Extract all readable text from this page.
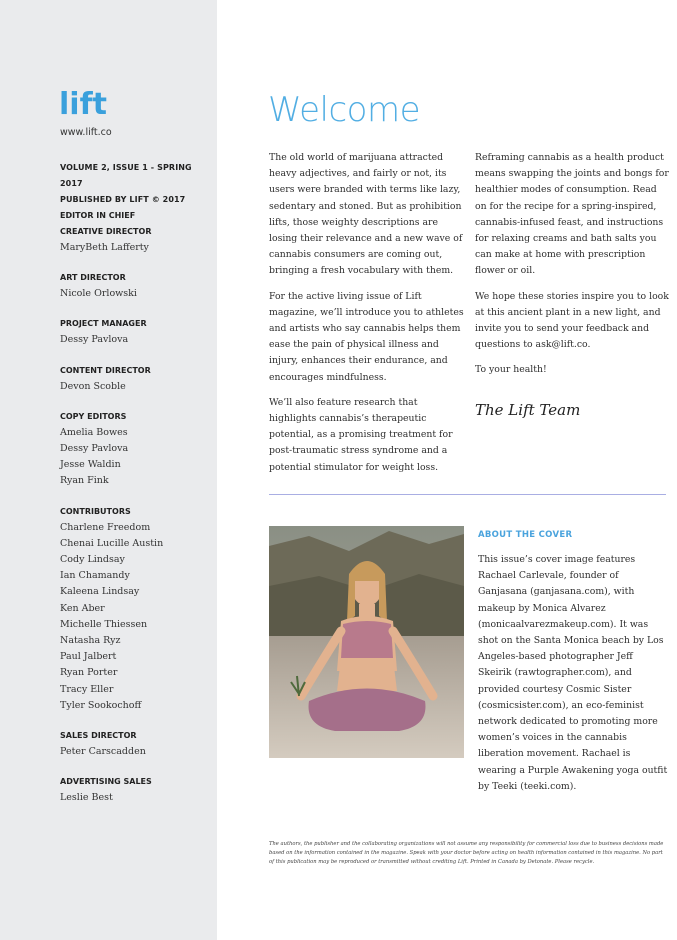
lift
www.lift.co
VOLUME 2, ISSUE 1 - SPRING 2017
PUBLISHED BY LIFT © 2017
EDITOR IN CHIEF
CREATIVE DIRECTOR
MaryBeth Lafferty
ART DIRECTOR
Nicole Orlowski
PROJECT MANAGER
Dessy Pavlova
CONTENT DIRECTOR
Devon Scoble
COPY EDITORS
Amelia Bowes
Dessy Pavlova
Jesse Waldin
Ryan Fink
CONTRIBUTORS
Charlene Freedom
Chenai Lucille Austin
Cody Lindsay
Ian Chamandy
Kaleena Lindsay
Ken Aber
Michelle Thiessen
Natasha Ryz
Paul Jalbert
Ryan Porter
Tracy Eller
Tyler Sookochoff
SALES DIRECTOR
Peter Carscadden
ADVERTISING SALES
Leslie Best
Welcome

The old world of marijuana attracted heavy adjectives, and fairly or not, its users were branded with terms like lazy, sedentary and stoned. But as prohibition lifts, those weighty descriptions are losing their relevance and a new wave of cannabis consumers are coming out, bringing a fresh vocabulary with them.

For the active living issue of Lift magazine, we’ll introduce you to athletes and artists who say cannabis helps them ease the pain of physical illness and injury, enhances their endurance, and encourages mindfulness.

We’ll also feature research that highlights cannabis’s therapeutic potential, as a promising treatment for post-traumatic stress syndrome and a potential stimulator for weight loss.

Reframing cannabis as a health product means swapping the joints and bongs for healthier modes of consumption. Read on for the recipe for a spring-inspired, cannabis-infused feast, and instructions for relaxing creams and bath salts you can make at home with prescription flower or oil.

We hope these stories inspire you to look at this ancient plant in a new light, and invite you to send your feedback and questions to ask@lift.co.

To your health!

The Lift Team
ABOUT THE COVER
This issue’s cover image features Rachael Carlevale, founder of Ganjasana (ganjasana.com), with makeup by Monica Alvarez (monicaalvarezmakeup.com). It was shot on the Santa Monica beach by Los Angeles-based photographer Jeff Skeirik (rawtographer.com), and provided courtesy Cosmic Sister (cosmicsister.com), an eco-feminist network dedicated to promoting more women’s voices in the cannabis liberation movement. Rachael is wearing a Purple Awakening yoga outfit by Teeki (teeki.com).
The authors, the publisher and the collaborating organizations will not assume any responsibility for commercial loss due to business decisions made based on the information contained in the magazine. Speak with your doctor before acting on health information contained in this magazine. No part of this publication may be reproduced or transmitted without crediting Lift. Printed in Canada by Detonate. Please recycle.
